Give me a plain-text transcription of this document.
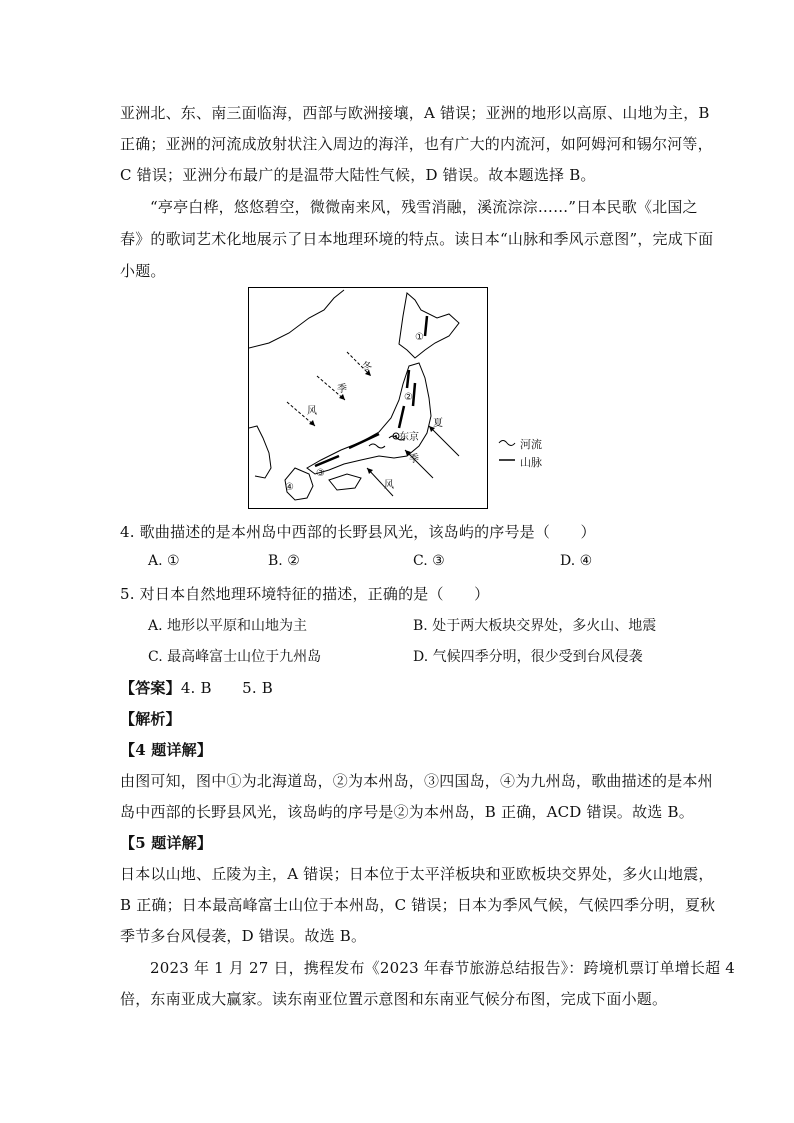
亚洲北、东、南三面临海，西部与欧洲接壤，A 错误；亚洲的地形以高原、山地为主，B
正确；亚洲的河流成放射状注入周边的海洋，也有广大的内流河，如阿姆河和锡尔河等，
C 错误；亚洲分布最广的是温带大陆性气候，D 错误。故本题选择 B。
“亭亭白桦，悠悠碧空，微微南来风，残雪消融，溪流淙淙……”日本民歌《北国之
春》的歌词艺术化地展示了日本地理环境的特点。读日本“山脉和季风示意图”，完成下面
小题。
冬
季
风
夏
季
风
东京
①
②
③
④
河流
山脉
4. 歌曲描述的是本州岛中西部的长野县风光，该岛屿的序号是（　　）
A. ①	B. ②	C. ③	D. ④
5. 对日本自然地理环境特征的描述，正确的是（　　）
A. 地形以平原和山地为主	B. 处于两大板块交界处，多火山、地震
C. 最高峰富士山位于九州岛	D. 气候四季分明，很少受到台风侵袭
【答案】4. B　　5. B
【解析】
【4 题详解】
由图可知，图中①为北海道岛，②为本州岛，③四国岛，④为九州岛，歌曲描述的是本州
岛中西部的长野县风光，该岛屿的序号是②为本州岛，B 正确，ACD 错误。故选 B。
【5 题详解】
日本以山地、丘陵为主，A 错误；日本位于太平洋板块和亚欧板块交界处，多火山地震，
B 正确；日本最高峰富士山位于本州岛，C 错误；日本为季风气候，气候四季分明，夏秋
季节多台风侵袭，D 错误。故选 B。
2023 年 1 月 27 日，携程发布《2023 年春节旅游总结报告》：跨境机票订单增长超 4
倍，东南亚成大赢家。读东南亚位置示意图和东南亚气候分布图，完成下面小题。
